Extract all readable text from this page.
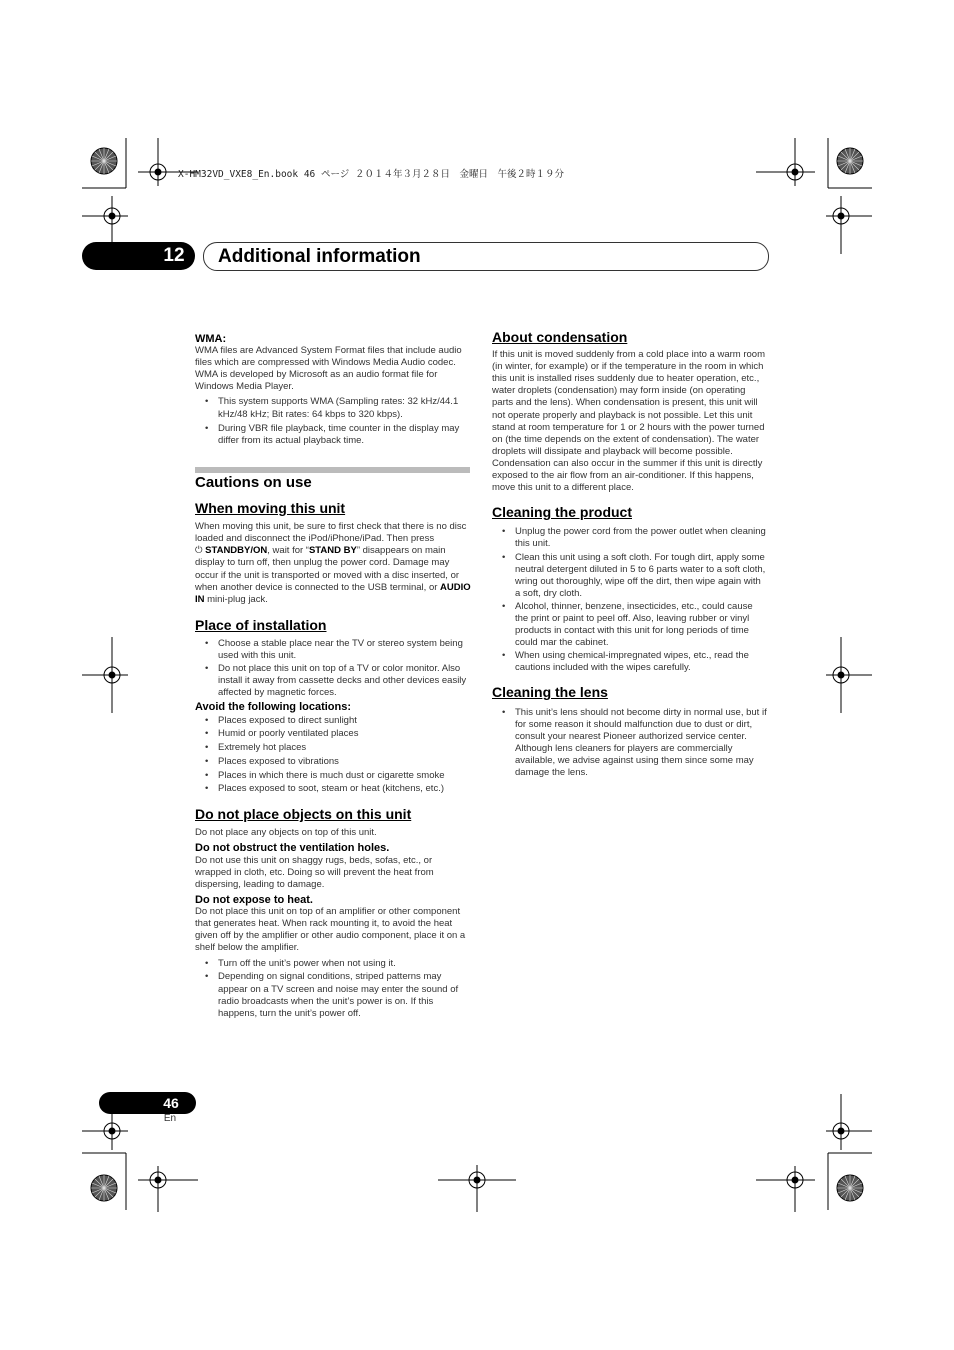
X-HM32VD_VXE8_En.book 46 ページ ２０１４年３月２８日　金曜日　午後２時１９分
12	Additional information

WMA:

WMA files are Advanced System Format files that include audio files which are compressed with Windows Media Audio codec. WMA is developed by Microsoft as an audio format file for Windows Media Player.

• This system supports WMA (Sampling rates: 32 kHz/44.1 kHz/48 kHz; Bit rates: 64 kbps to 320 kbps).
• During VBR file playback, time counter in the display may differ from its actual playback time.

Cautions on use

When moving this unit

When moving this unit, be sure to first check that there is no disc loaded and disconnect the iPod/iPhone/iPad. Then press
⏻ STANDBY/ON, wait for “STAND BY” disappears on main display to turn off, then unplug the power cord. Damage may occur if the unit is transported or moved with a disc inserted, or when another device is connected to the USB terminal, or AUDIO IN mini-plug jack.

Place of installation

• Choose a stable place near the TV or stereo system being used with this unit.
• Do not place this unit on top of a TV or color monitor. Also install it away from cassette decks and other devices easily affected by magnetic forces.

Avoid the following locations:

• Places exposed to direct sunlight
• Humid or poorly ventilated places
• Extremely hot places
• Places exposed to vibrations
• Places in which there is much dust or cigarette smoke
• Places exposed to soot, steam or heat (kitchens, etc.)

Do not place objects on this unit

Do not place any objects on top of this unit.

Do not obstruct the ventilation holes.

Do not use this unit on shaggy rugs, beds, sofas, etc., or wrapped in cloth, etc. Doing so will prevent the heat from dispersing, leading to damage.

Do not expose to heat.

Do not place this unit on top of an amplifier or other component that generates heat. When rack mounting it, to avoid the heat given off by the amplifier or other audio component, place it on a shelf below the amplifier.

• Turn off the unit’s power when not using it.
• Depending on signal conditions, striped patterns may appear on a TV screen and noise may enter the sound of radio broadcasts when the unit’s power is on. If this happens, turn the unit’s power off.

About condensation

If this unit is moved suddenly from a cold place into a warm room (in winter, for example) or if the temperature in the room in which this unit is installed rises suddenly due to heater operation, etc., water droplets (condensation) may form inside (on operating parts and the lens). When condensation is present, this unit will not operate properly and playback is not possible. Let this unit stand at room temperature for 1 or 2 hours with the power turned on (the time depends on the extent of condensation). The water droplets will dissipate and playback will become possible. Condensation can also occur in the summer if this unit is directly exposed to the air flow from an air-conditioner. If this happens, move this unit to a different place.

Cleaning the product

• Unplug the power cord from the power outlet when cleaning this unit.
• Clean this unit using a soft cloth. For tough dirt, apply some neutral detergent diluted in 5 to 6 parts water to a soft cloth, wring out thoroughly, wipe off the dirt, then wipe again with a soft, dry cloth.
• Alcohol, thinner, benzene, insecticides, etc., could cause the print or paint to peel off. Also, leaving rubber or vinyl products in contact with this unit for long periods of time could mar the cabinet.
• When using chemical-impregnated wipes, etc., read the cautions included with the wipes carefully.

Cleaning the lens

• This unit’s lens should not become dirty in normal use, but if for some reason it should malfunction due to dust or dirt, consult your nearest Pioneer authorized service center. Although lens cleaners for players are commercially available, we advise against using them since some may damage the lens.
46
En
